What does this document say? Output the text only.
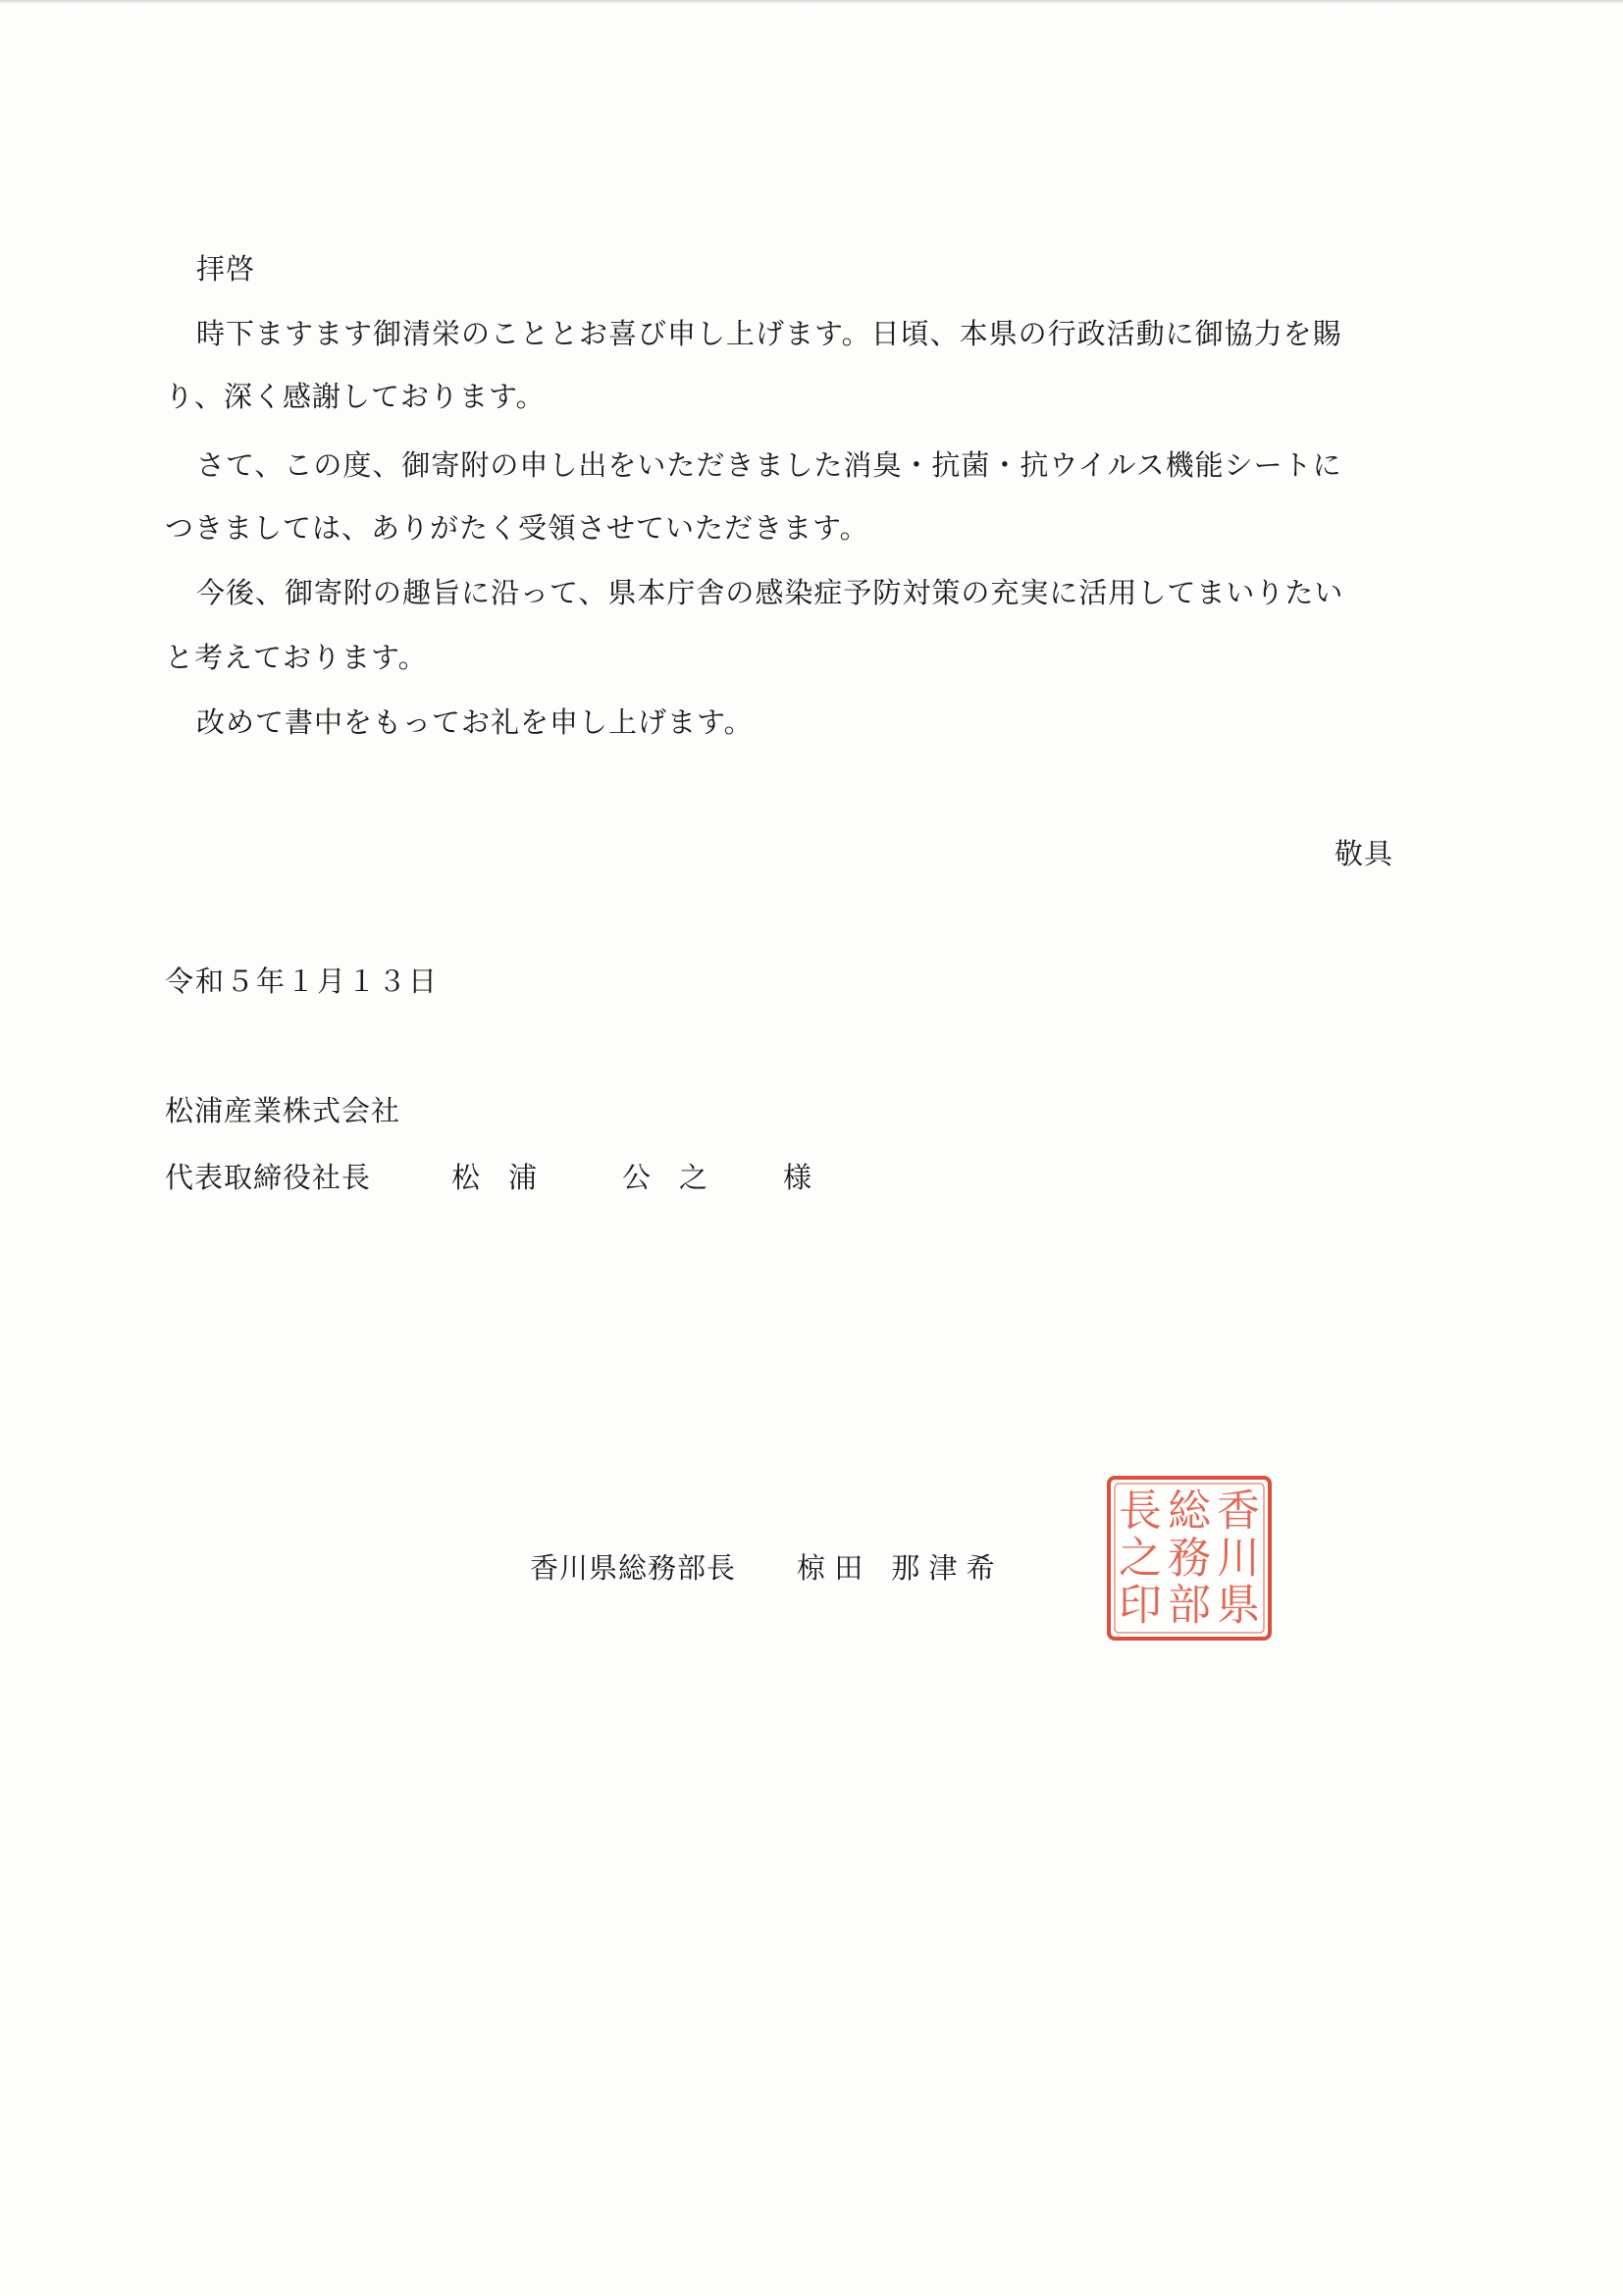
拝啓
時下ますます御清栄のこととお喜び申し上げます。日頃、本県の行政活動に御協力を賜
り、深く感謝しております。
さて、この度、御寄附の申し出をいただきました消臭・抗菌・抗ウイルス機能シートに
つきましては、ありがたく受領させていただきます。
今後、御寄附の趣旨に沿って、県本庁舎の感染症予防対策の充実に活用してまいりたい
と考えております。
改めて書中をもってお礼を申し上げます。
敬具
令和５年１月１３日
松浦産業株式会社
代表取締役社長	松　浦　　　公　之	様
香川県総務部長 椋 田　那 津 希
香
川
県
総
務
部
長
之
印
